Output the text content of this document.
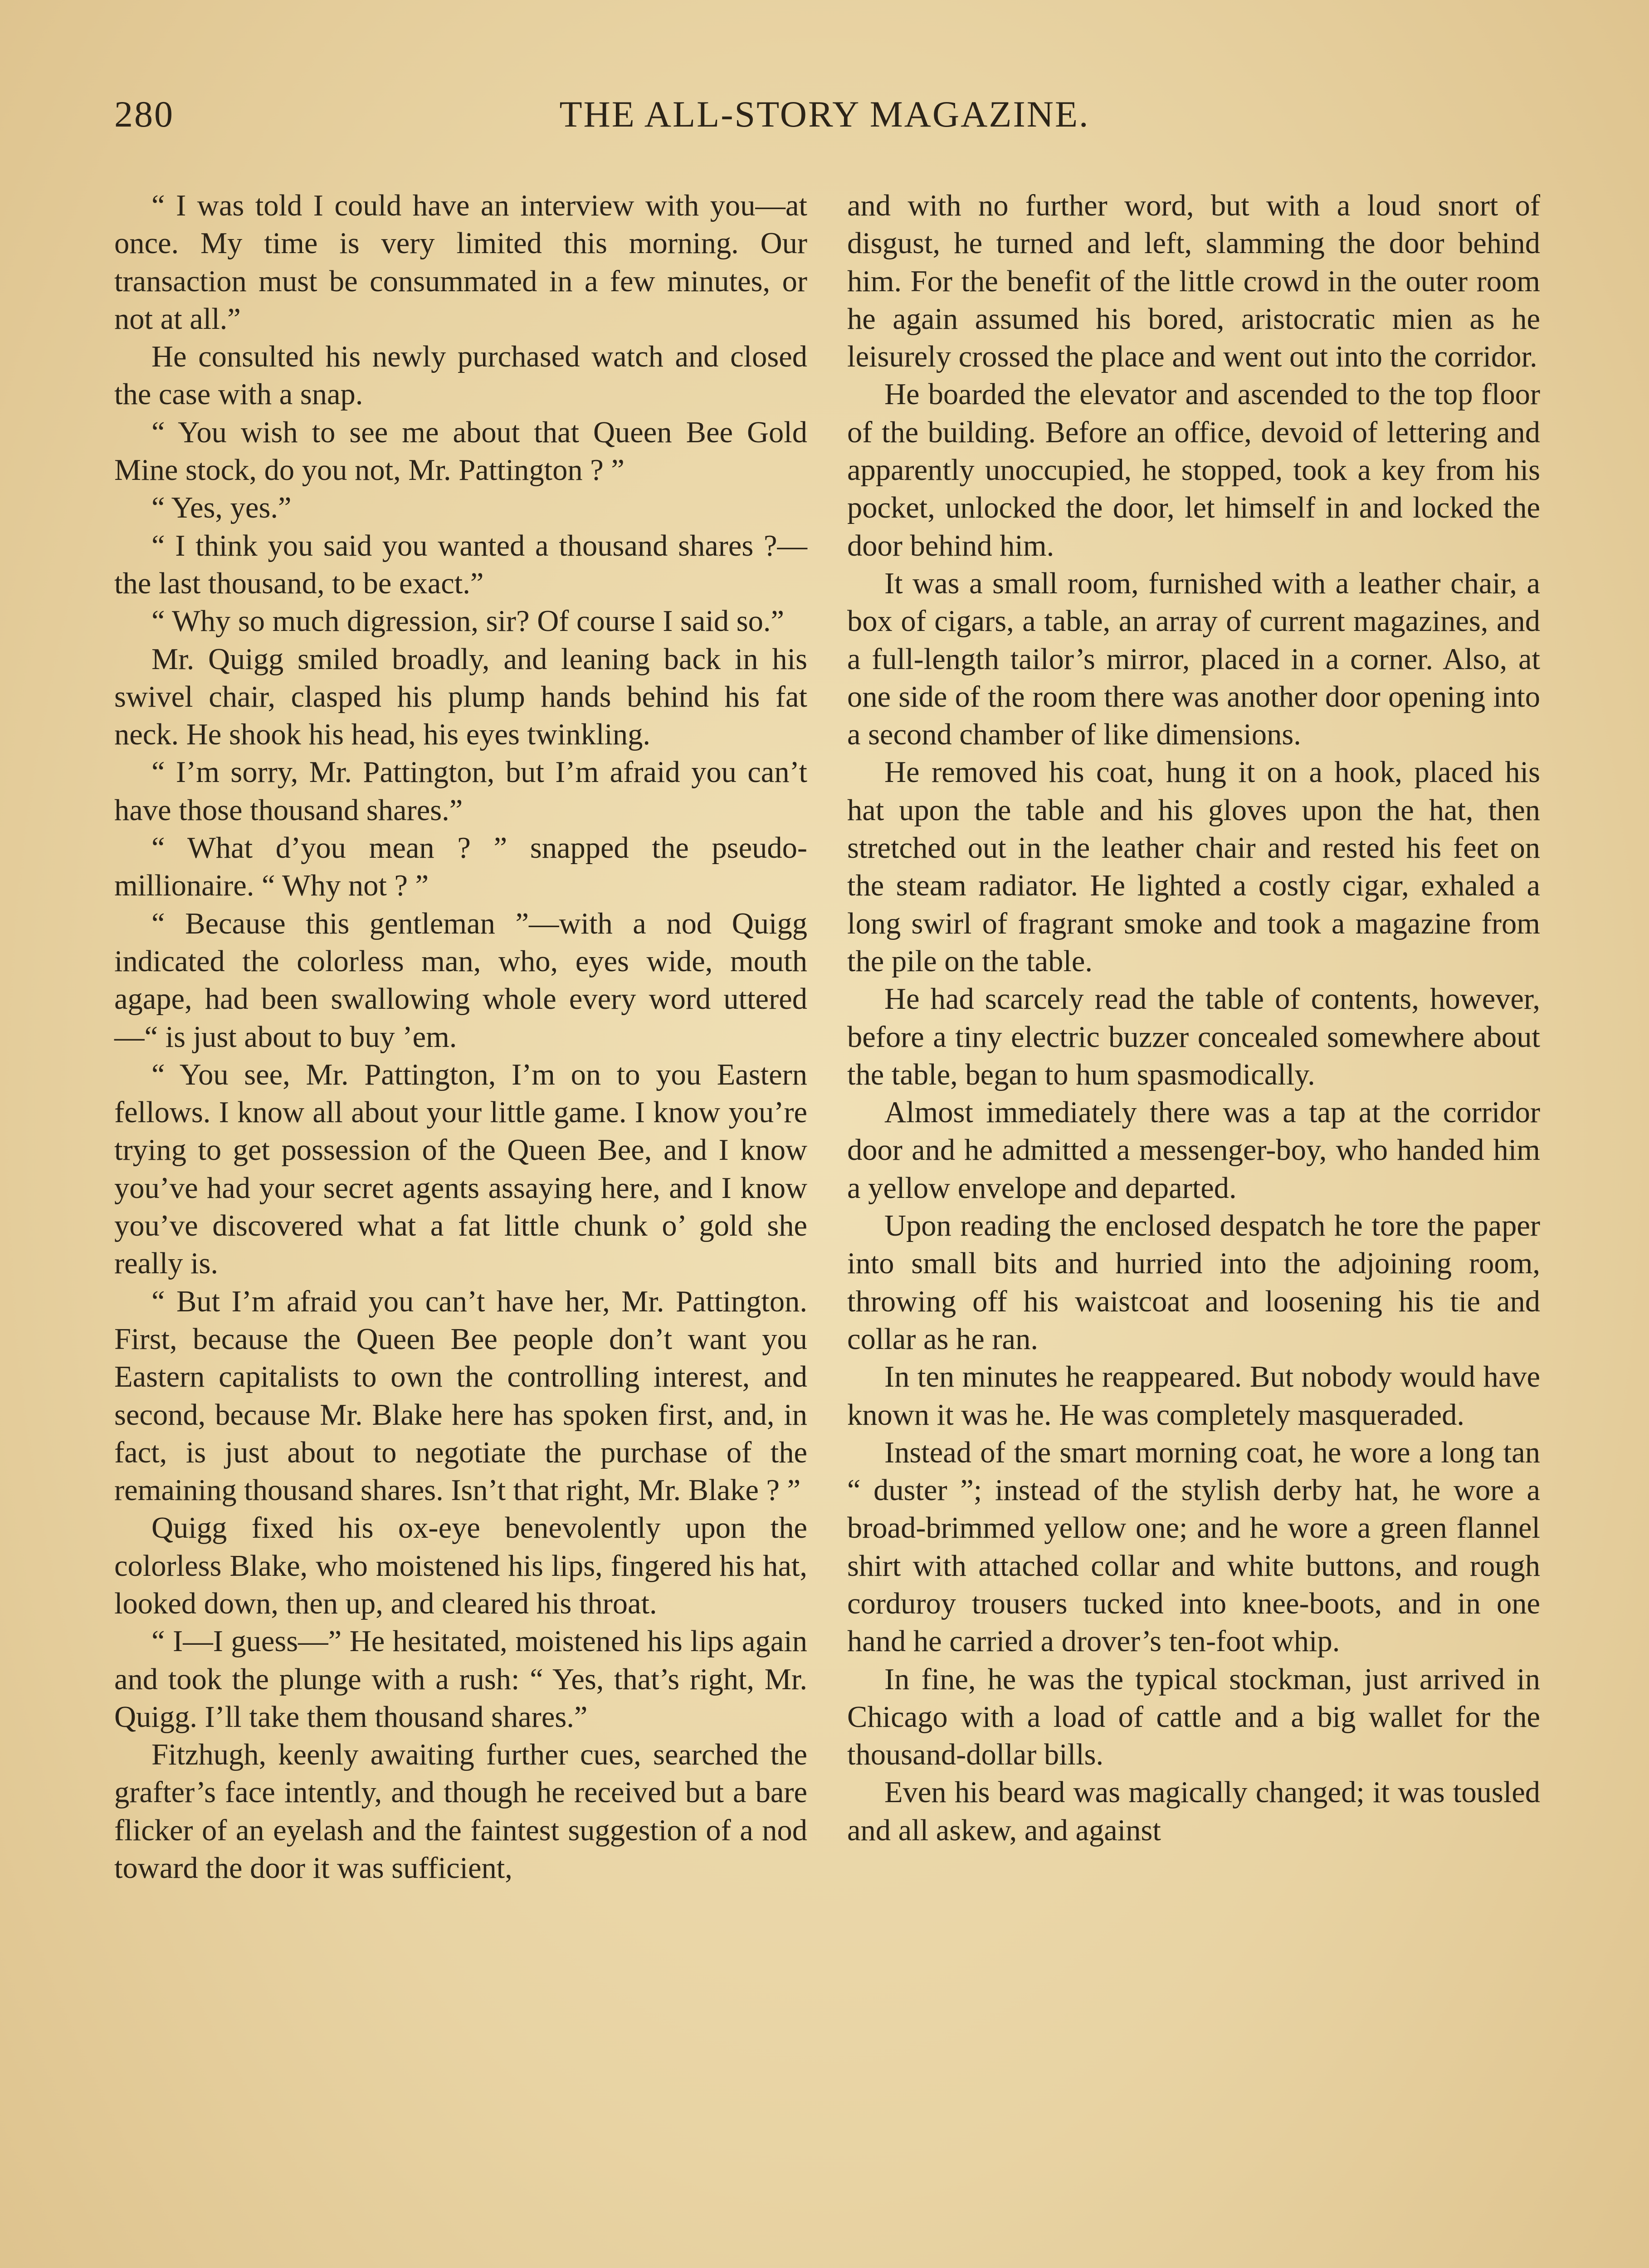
280	THE ALL-STORY MAGAZINE.

“ I was told I could have an interview with you—at once. My time is very limited this morning. Our transaction must be consummated in a few minutes, or not at all.”

He consulted his newly purchased watch and closed the case with a snap.

“ You wish to see me about that Queen Bee Gold Mine stock, do you not, Mr. Pattington ? ”

“ Yes, yes.”

“ I think you said you wanted a thousand shares ?—the last thousand, to be exact.”

“ Why so much digression, sir? Of course I said so.”

Mr. Quigg smiled broadly, and leaning back in his swivel chair, clasped his plump hands behind his fat neck. He shook his head, his eyes twinkling.

“ I’m sorry, Mr. Pattington, but I’m afraid you can’t have those thousand shares.”

“ What d’you mean ? ” snapped the pseudo-millionaire. “ Why not ? ”

“ Because this gentleman ”—with a nod Quigg indicated the colorless man, who, eyes wide, mouth agape, had been swallowing whole every word uttered—“ is just about to buy ’em.

“ You see, Mr. Pattington, I’m on to you Eastern fellows. I know all about your little game. I know you’re trying to get possession of the Queen Bee, and I know you’ve had your secret agents assaying here, and I know you’ve discovered what a fat little chunk o’ gold she really is.

“ But I’m afraid you can’t have her, Mr. Pattington. First, because the Queen Bee people don’t want you Eastern capitalists to own the controlling interest, and second, because Mr. Blake here has spoken first, and, in fact, is just about to negotiate the purchase of the remaining thousand shares. Isn’t that right, Mr. Blake ? ”

Quigg fixed his ox-eye benevolently upon the colorless Blake, who moistened his lips, fingered his hat, looked down, then up, and cleared his throat.

“ I—I guess—” He hesitated, moistened his lips again and took the plunge with a rush: “ Yes, that’s right, Mr. Quigg. I’ll take them thousand shares.”

Fitzhugh, keenly awaiting further cues, searched the grafter’s face intently, and though he received but a bare flicker of an eyelash and the faintest suggestion of a nod toward the door it was sufficient,

and with no further word, but with a loud snort of disgust, he turned and left, slamming the door behind him. For the benefit of the little crowd in the outer room he again assumed his bored, aristocratic mien as he leisurely crossed the place and went out into the corridor.

He boarded the elevator and ascended to the top floor of the building. Before an office, devoid of lettering and apparently unoccupied, he stopped, took a key from his pocket, unlocked the door, let himself in and locked the door behind him.

It was a small room, furnished with a leather chair, a box of cigars, a table, an array of current magazines, and a full-length tailor’s mirror, placed in a corner. Also, at one side of the room there was another door opening into a second chamber of like dimensions.

He removed his coat, hung it on a hook, placed his hat upon the table and his gloves upon the hat, then stretched out in the leather chair and rested his feet on the steam radiator. He lighted a costly cigar, exhaled a long swirl of fragrant smoke and took a magazine from the pile on the table.

He had scarcely read the table of contents, however, before a tiny electric buzzer concealed somewhere about the table, began to hum spasmodically.

Almost immediately there was a tap at the corridor door and he admitted a messenger-boy, who handed him a yellow envelope and departed.

Upon reading the enclosed despatch he tore the paper into small bits and hurried into the adjoining room, throwing off his waistcoat and loosening his tie and collar as he ran.

In ten minutes he reappeared. But nobody would have known it was he. He was completely masqueraded.

Instead of the smart morning coat, he wore a long tan “ duster ”; instead of the stylish derby hat, he wore a broad-brimmed yellow one; and he wore a green flannel shirt with attached collar and white buttons, and rough corduroy trousers tucked into knee-boots, and in one hand he carried a drover’s ten-foot whip.

In fine, he was the typical stockman, just arrived in Chicago with a load of cattle and a big wallet for the thousand-dollar bills.

Even his beard was magically changed; it was tousled and all askew, and against
